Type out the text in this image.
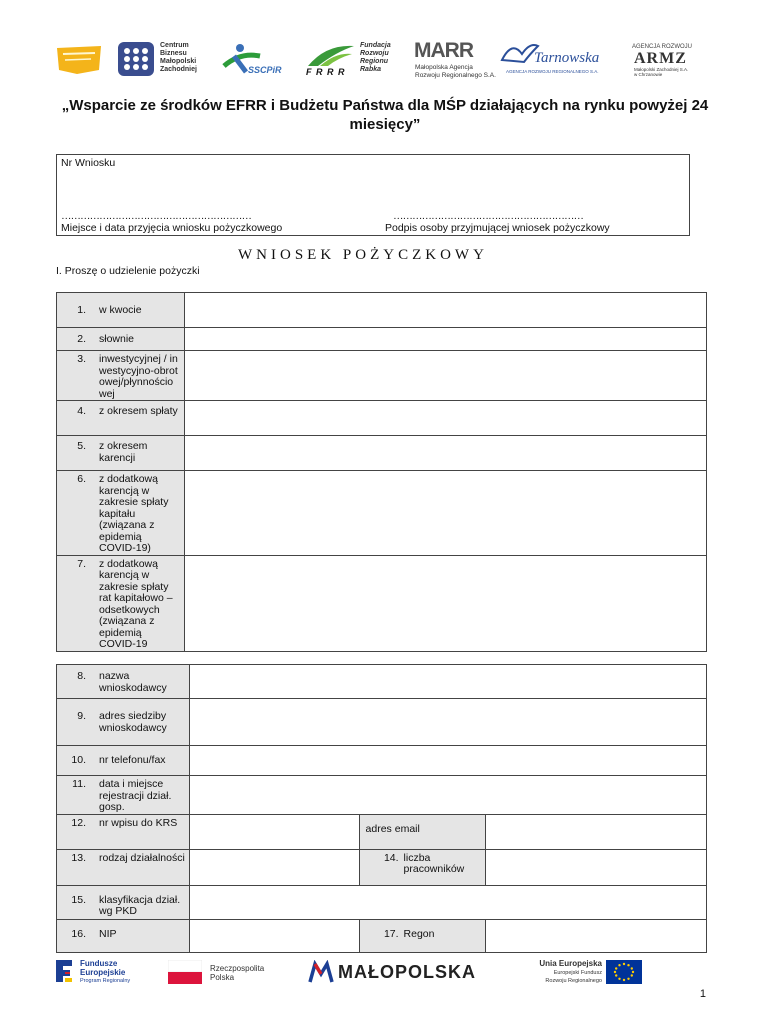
Centrum
Biznesu
Małopolski
Zachodniej	SSCPiR	F R R R
Fundacja
Rozwoju
Regionu
Rabka
MARR
Małopolska Agencja
Rozwoju Regionalnego S.A.
Tarnowska
AGENCJA ROZWOJU REGIONALNEGO S.A.
AGENCJA ROZWOJU
ARMZ
Małopolski Zachodniej S.A.
w Chrzanowie
„Wsparcie ze środków EFRR i Budżetu Państwa dla MŚP działających na rynku powyżej 24 miesięcy”
Nr Wniosku
……………………………………………………	……………………………………………………
Miejsce i data przyjęcia wniosku pożyczkowego	Podpis osoby przyjmującej wniosek pożyczkowy
WNIOSEK POŻYCZKOWY
I. Proszę o udzielenie pożyczki
1. w kwocie	

2. słownie	

3. inwestycyjnej / inwestycyjno-obrotowej/płynnościowej	

4. z okresem spłaty	

5. z okresem karencji	

6. z dodatkową karencją w zakresie spłaty kapitału (związana z epidemią COVID-19)	

7. z dodatkową karencją w zakresie spłaty rat kapitałowo –odsetkowych (związana z epidemią COVID-19	

8. nazwa wnioskodawcy			

9. adres siedziby wnioskodawcy			

10. nr telefonu/fax			

11. data i miejsce rejestracji dział. gosp.			

12. nr wpisu do KRS		adres email	

13. rodzaj działalności		14. liczba pracowników	

15. klasyfikacja dział. wg PKD			

16. NIP		17. Regon	

Fundusze
Europejskie
Program Regionalny
Rzeczpospolita
Polska	MAŁOPOLSKA	Unia Europejska
Europejski Fundusz
Rozwoju Regionalnego
1
